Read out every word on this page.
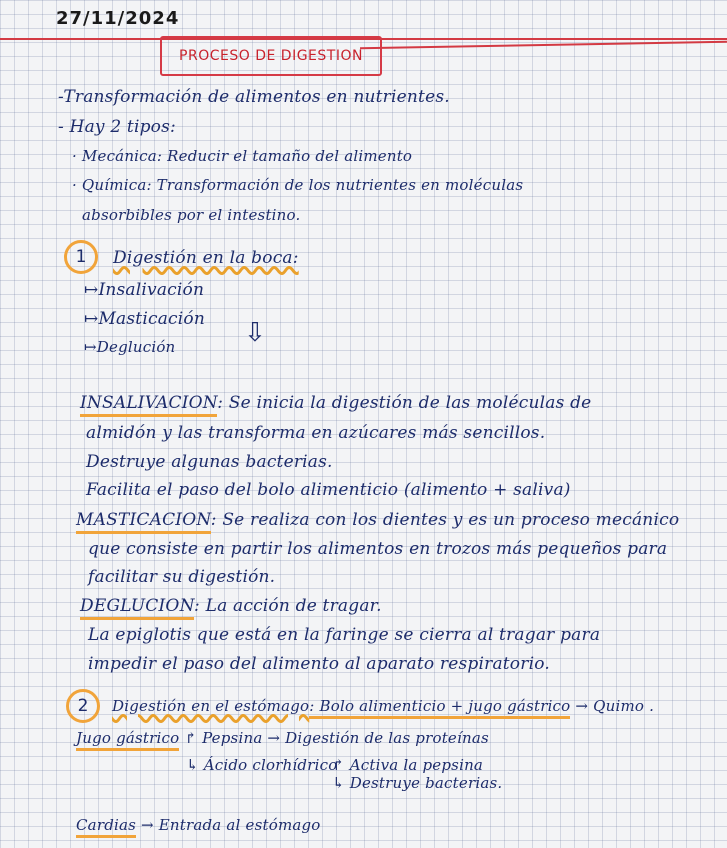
27/11/2024
PROCESO DE DIGESTION
-Transformación de alimentos en nutrientes.
- Hay 2 tipos:
· Mecánica: Reducir el tamaño del alimento
· Química: Transformación de los nutrientes en moléculas
absorbibles por el intestino.
1	Digestión en la boca:
↦Insalivación
↦Masticación
↦Deglución	⇩
INSALIVACION: Se inicia la digestión de las moléculas de
almidón y las transforma en azúcares más sencillos.
Destruye algunas bacterias.
Facilita el paso del bolo alimenticio (alimento + saliva)
MASTICACION: Se realiza con los dientes y es un proceso mecánico
que consiste en partir los alimentos en trozos más pequeños para
facilitar su digestión.
DEGLUCION: La acción de tragar.
La epiglotis que está en la faringe se cierra al tragar para
impedir el paso del alimento al aparato respiratorio.
2	Digestión en el estómago: Bolo alimenticio + jugo gástrico → Quimo .
Jugo gástrico ↱ Pepsina → Digestión de las proteínas
↳ Ácido clorhídrico
↱ Activa la pepsina
↳ Destruye bacterias.
Cardias → Entrada al estómago
